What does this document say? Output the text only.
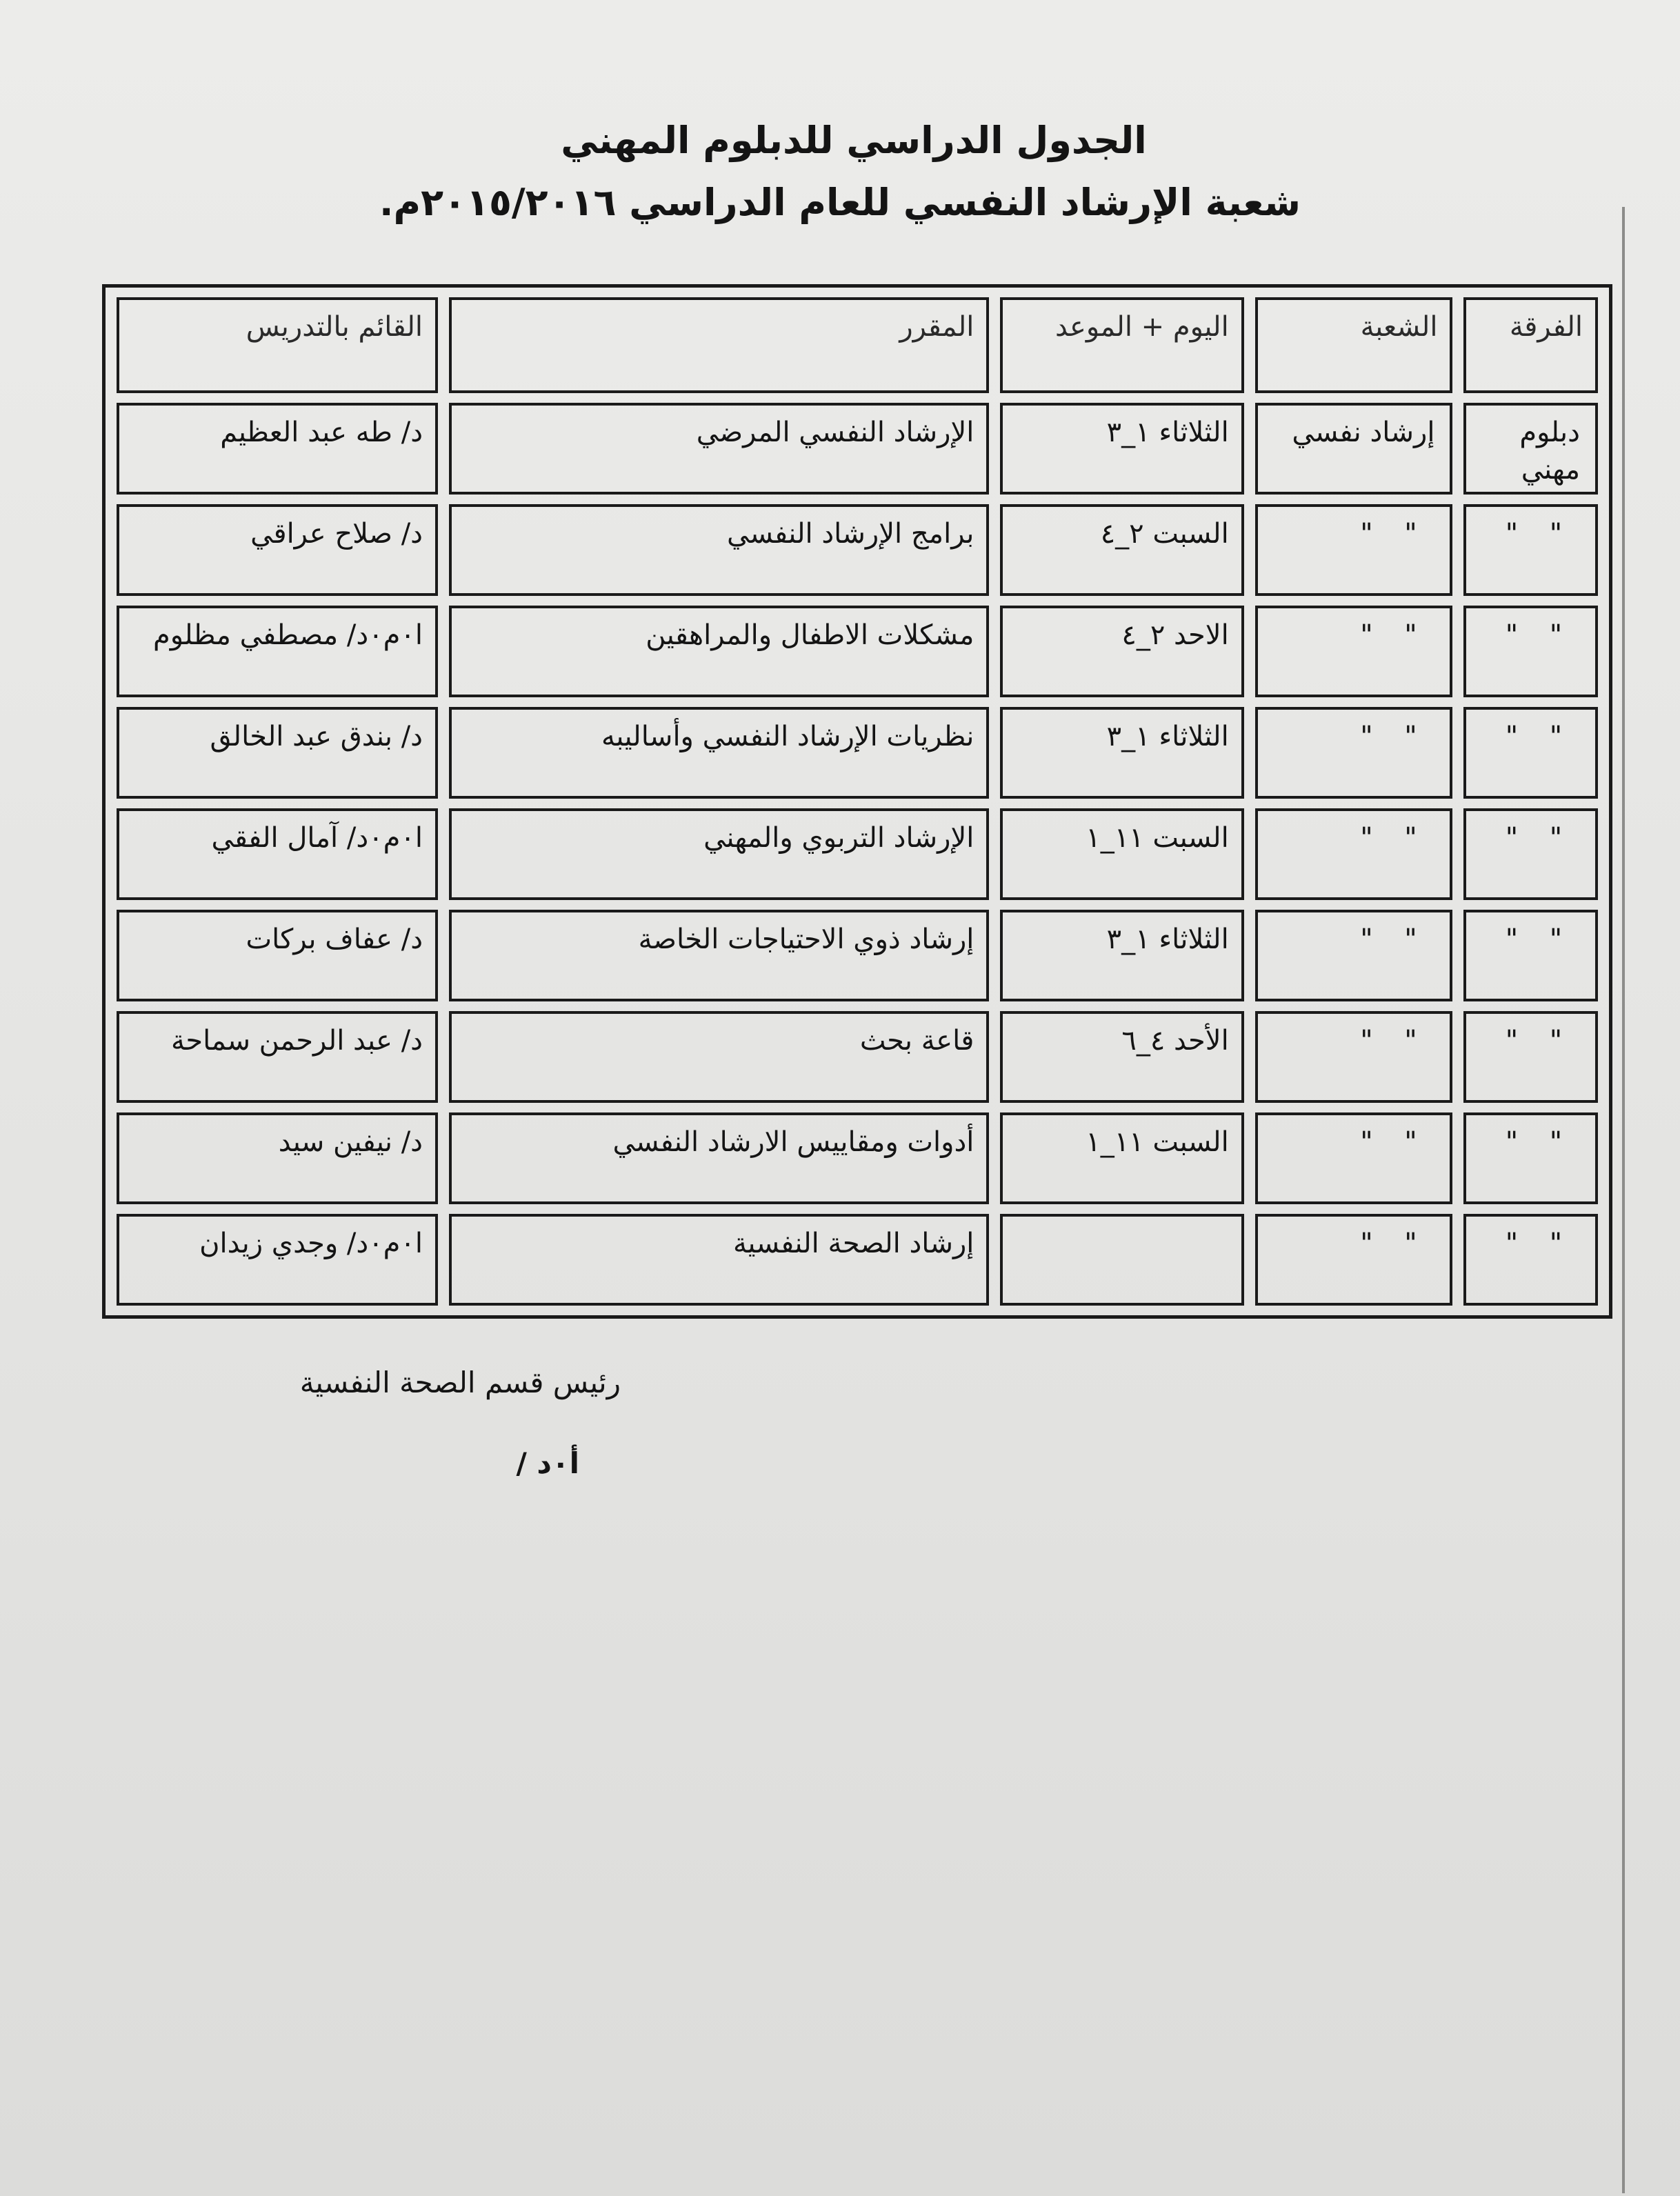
الجدول الدراسي للدبلوم المهني
شعبة الإرشاد النفسي للعام الدراسي ٢٠١٥/٢٠١٦م.
الفرقة	الشعبة	اليوم + الموعد	المقرر	القائم بالتدريس
دبلوم مهني	إرشاد نفسي	الثلاثاء ١_٣	الإرشاد النفسي المرضي	د/ طه عبد العظيم

" "	" "	السبت ٢_٤	برامج الإرشاد النفسي	د/ صلاح عراقي

" "	" "	الاحد ٢_٤	مشكلات الاطفال والمراهقين	ا٠م٠د/ مصطفي مظلوم

" "	" "	الثلاثاء ١_٣	نظريات الإرشاد النفسي وأساليبه	د/ بندق عبد الخالق

" "	" "	السبت ١١_١	الإرشاد التربوي والمهني	ا٠م٠د/ آمال الفقي

" "	" "	الثلاثاء ١_٣	إرشاد ذوي الاحتياجات الخاصة	د/ عفاف بركات

" "	" "	الأحد ٤_٦	قاعة بحث	د/ عبد الرحمن سماحة

" "	" "	السبت ١١_١	أدوات ومقاييس الارشاد النفسي	د/ نيفين سيد

" "	" "		إرشاد الصحة النفسية	ا٠م٠د/ وجدي زيدان
رئيس قسم الصحة النفسية
أ٠د /
